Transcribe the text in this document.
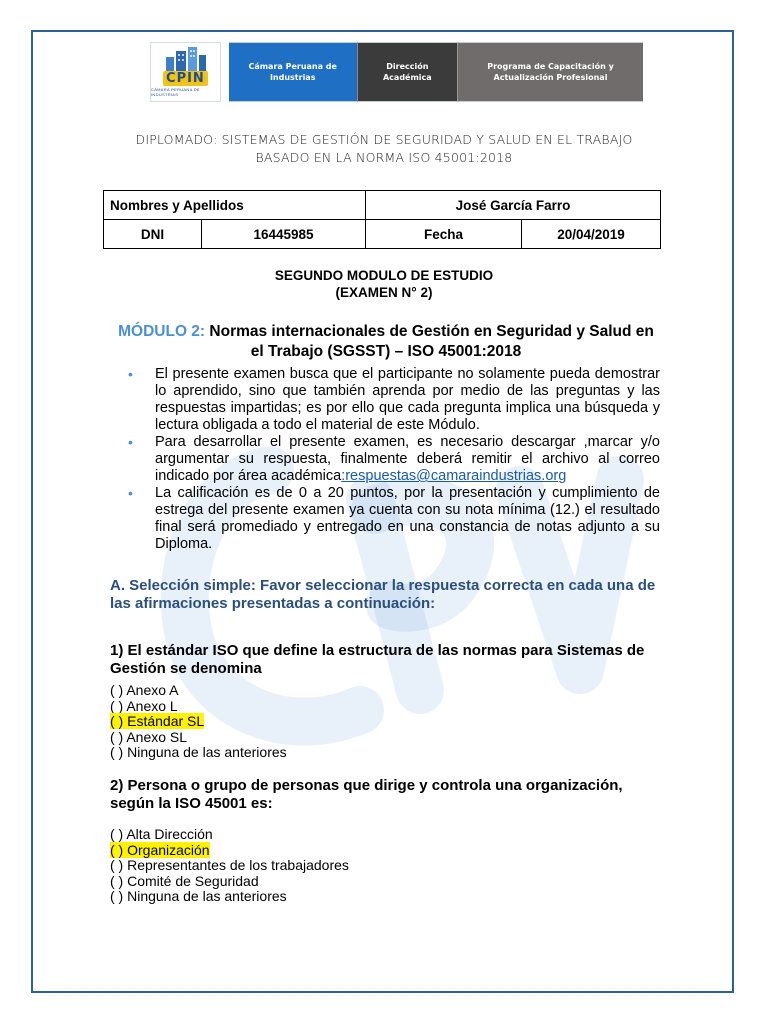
CPIN
CÁMARA PERUANA DE INDUSTRIAS
Cámara Peruana de
Industrias
Dirección
Académica
Programa de Capacitación y
Actualización Profesional
DIPLOMADO: SISTEMAS DE GESTIÓN DE SEGURIDAD Y SALUD EN EL TRABAJO
BASADO EN LA NORMA ISO 45001:2018
Nombres y Apellidos		José García Farro	
DNI	16445985	Fecha	20/04/2019
SEGUNDO MODULO DE ESTUDIO
(EXAMEN N° 2)
MÓDULO 2: Normas internacionales de Gestión en Seguridad y Salud en
el Trabajo (SGSST) – ISO 45001:2018
• El presente examen busca que el participante no solamente pueda demostrar lo aprendido, sino que también aprenda por medio de las preguntas y las respuestas impartidas; es por ello que cada pregunta implica una búsqueda y lectura obligada a todo el material de este Módulo.
• Para desarrollar el presente examen, es necesario descargar ,marcar y/o argumentar su respuesta, finalmente deberá remitir el archivo al correo indicado por área académica:respuestas@camaraindustrias.org
• La calificación es de 0 a 20 puntos, por la presentación y cumplimiento de estrega del presente examen ya cuenta con su nota mínima (12.) el resultado final será promediado y entregado en una constancia de notas adjunto a su Diploma.
A. Selección simple: Favor seleccionar la respuesta correcta en cada una de las afirmaciones presentadas a continuación:
1) El estándar ISO que define la estructura de las normas para Sistemas de Gestión se denomina
( ) Anexo A
( ) Anexo L
( ) Estándar SL
( ) Anexo SL
( ) Ninguna de las anteriores
2) Persona o grupo de personas que dirige y controla una organización, según la ISO 45001 es:
( ) Alta Dirección
( ) Organización
( ) Representantes de los trabajadores
( ) Comité de Seguridad
( ) Ninguna de las anteriores
